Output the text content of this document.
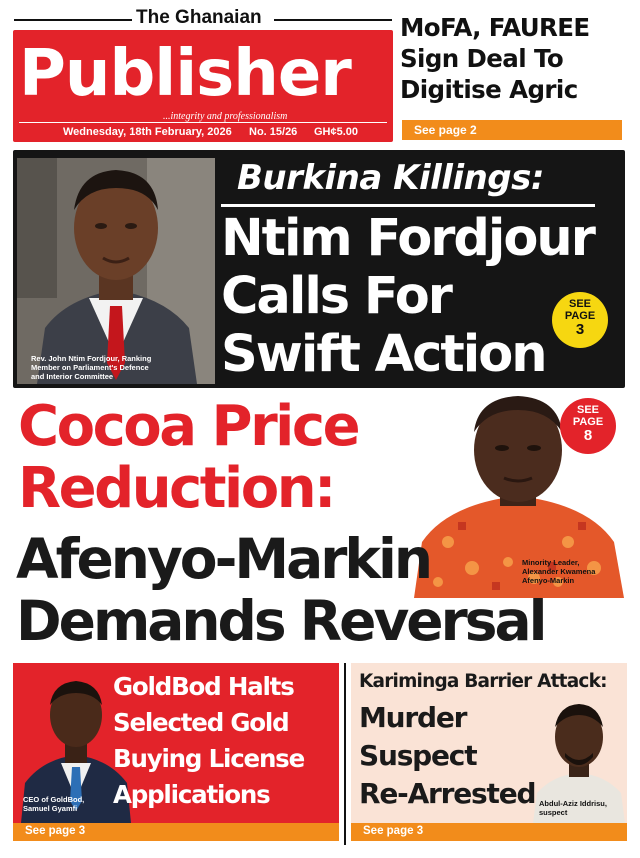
The Ghanaian
Publisher
...integrity and professionalism
Wednesday, 18th February, 2026 No. 15/26 GH¢5.00
MoFA, FAUREE
Sign Deal To
Digitise Agric
See page 2
Rev. John Ntim Fordjour, Ranking
Member on Parliament's Defence
and Interior Committee
Burkina Killings:
Ntim Fordjour
Calls For
Swift Action
SEE
PAGE
3
Minority Leader,
Alexander Kwamena
Afenyo-Markin
SEE
PAGE
8
Cocoa Price
Reduction:
Afenyo-Markin
Demands Reversal
CEO of GoldBod,
Samuel Gyamfi
GoldBod Halts
Selected Gold
Buying License
Applications
See page 3
Kariminga Barrier Attack:
Abdul-Aziz Iddrisu,
suspect
Murder
Suspect
Re-Arrested
See page 3
